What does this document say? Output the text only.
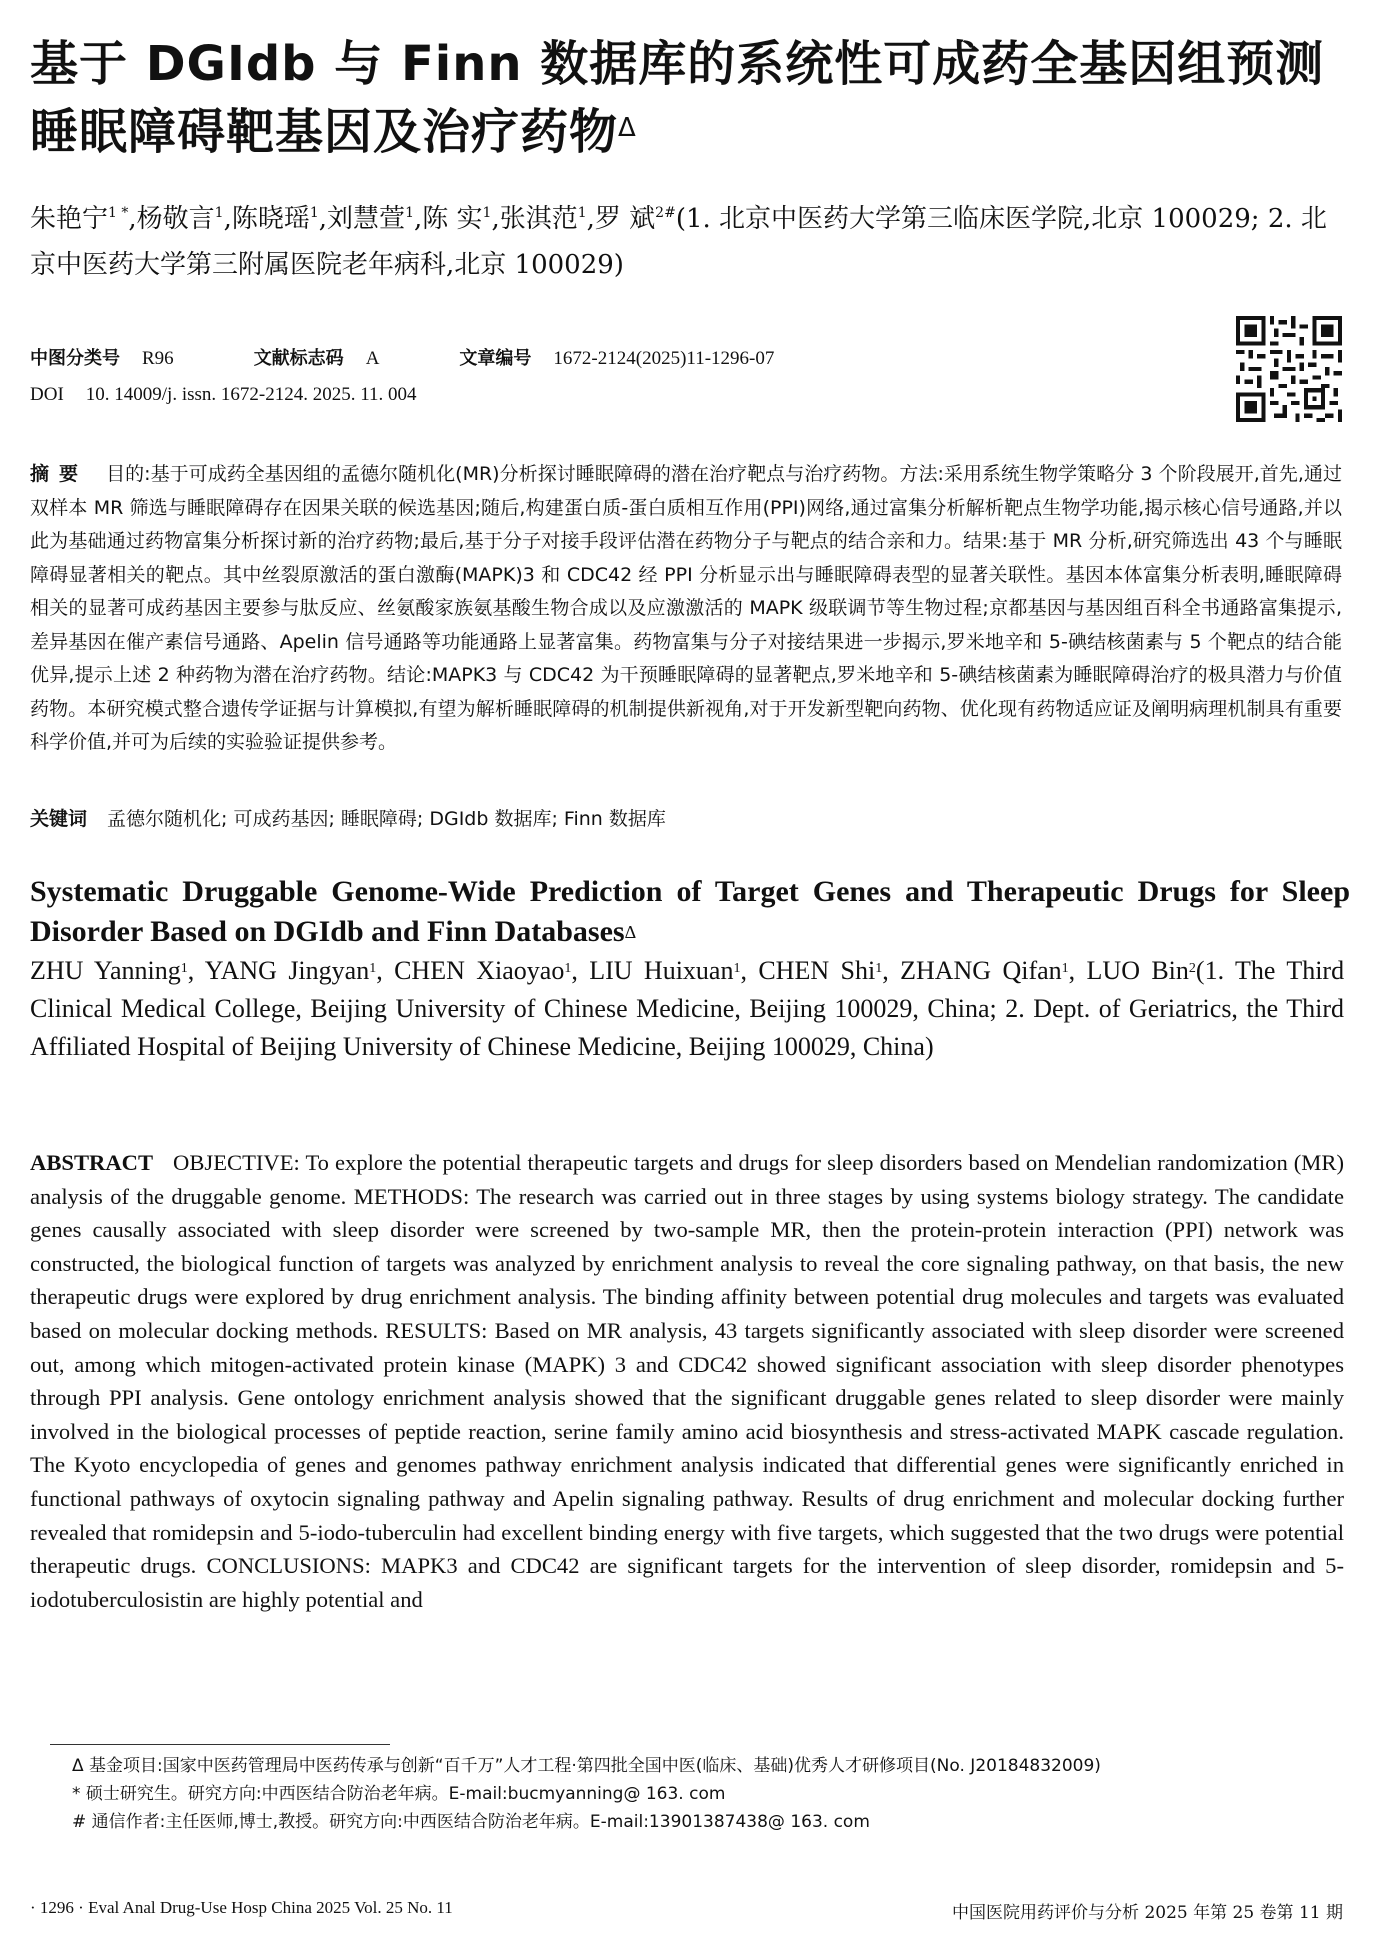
基于 DGIdb 与 Finn 数据库的系统性可成药全基因组预测睡眠障碍靶基因及治疗药物$^\Delta$
朱艳宁$^{1 *}$,杨敬言$^1$,陈晓瑶$^1$,刘慧萱$^1$,陈 实$^1$,张淇范$^1$,罗 斌$^{2\#}$(1. 北京中医药大学第三临床医学院,北京 100029; 2. 北京中医药大学第三附属医院老年病科,北京 100029)
中图分类号 R96	文献标志码 A	文章编号 1672-2124(2025)11-1296-07
DOI 10. 14009/j. issn. 1672-2124. 2025. 11. 004
摘要 目的:基于可成药全基因组的孟德尔随机化(MR)分析探讨睡眠障碍的潜在治疗靶点与治疗药物。方法:采用系统生物学策略分 3 个阶段展开,首先,通过双样本 MR 筛选与睡眠障碍存在因果关联的候选基因;随后,构建蛋白质-蛋白质相互作用(PPI)网络,通过富集分析解析靶点生物学功能,揭示核心信号通路,并以此为基础通过药物富集分析探讨新的治疗药物;最后,基于分子对接手段评估潜在药物分子与靶点的结合亲和力。结果:基于 MR 分析,研究筛选出 43 个与睡眠障碍显著相关的靶点。其中丝裂原激活的蛋白激酶(MAPK)3 和 CDC42 经 PPI 分析显示出与睡眠障碍表型的显著关联性。基因本体富集分析表明,睡眠障碍相关的显著可成药基因主要参与肽反应、丝氨酸家族氨基酸生物合成以及应激激活的 MAPK 级联调节等生物过程;京都基因与基因组百科全书通路富集提示,差异基因在催产素信号通路、Apelin 信号通路等功能通路上显著富集。药物富集与分子对接结果进一步揭示,罗米地辛和 5-碘结核菌素与 5 个靶点的结合能优异,提示上述 2 种药物为潜在治疗药物。结论:MAPK3 与 CDC42 为干预睡眠障碍的显著靶点,罗米地辛和 5-碘结核菌素为睡眠障碍治疗的极具潜力与价值药物。本研究模式整合遗传学证据与计算模拟,有望为解析睡眠障碍的机制提供新视角,对于开发新型靶向药物、优化现有药物适应证及阐明病理机制具有重要科学价值,并可为后续的实验验证提供参考。
关键词 孟德尔随机化; 可成药基因; 睡眠障碍; DGIdb 数据库; Finn 数据库
Systematic Druggable Genome-Wide Prediction of Target Genes and Therapeutic Drugs for Sleep Disorder Based on DGIdb and Finn Databases$^\Delta$
ZHU Yanning$^1$, YANG Jingyan$^1$, CHEN Xiaoyao$^1$, LIU Huixuan$^1$, CHEN Shi$^1$, ZHANG Qifan$^1$, LUO Bin$^2$(1. The Third Clinical Medical College, Beijing University of Chinese Medicine, Beijing 100029, China; 2. Dept. of Geriatrics, the Third Affiliated Hospital of Beijing University of Chinese Medicine, Beijing 100029, China)
ABSTRACT OBJECTIVE: To explore the potential therapeutic targets and drugs for sleep disorders based on Mendelian randomization (MR) analysis of the druggable genome. METHODS: The research was carried out in three stages by using systems biology strategy. The candidate genes causally associated with sleep disorder were screened by two-sample MR, then the protein-protein interaction (PPI) network was constructed, the biological function of targets was analyzed by enrichment analysis to reveal the core signaling pathway, on that basis, the new therapeutic drugs were explored by drug enrichment analysis. The binding affinity between potential drug molecules and targets was evaluated based on molecular docking methods. RESULTS: Based on MR analysis, 43 targets significantly associated with sleep disorder were screened out, among which mitogen-activated protein kinase (MAPK) 3 and CDC42 showed significant association with sleep disorder phenotypes through PPI analysis. Gene ontology enrichment analysis showed that the significant druggable genes related to sleep disorder were mainly involved in the biological processes of peptide reaction, serine family amino acid biosynthesis and stress-activated MAPK cascade regulation. The Kyoto encyclopedia of genes and genomes pathway enrichment analysis indicated that differential genes were significantly enriched in functional pathways of oxytocin signaling pathway and Apelin signaling pathway. Results of drug enrichment and molecular docking further revealed that romidepsin and 5-iodo-tuberculin had excellent binding energy with five targets, which suggested that the two drugs were potential therapeutic drugs. CONCLUSIONS: MAPK3 and CDC42 are significant targets for the intervention of sleep disorder, romidepsin and 5-iodotuberculosistin are highly potential and
Δ 基金项目:国家中医药管理局中医药传承与创新“百千万”人才工程·第四批全国中医(临床、基础)优秀人才研修项目(No. J20184832009)
* 硕士研究生。研究方向:中西医结合防治老年病。E-mail:bucmyanning@ 163. com
# 通信作者:主任医师,博士,教授。研究方向:中西医结合防治老年病。E-mail:13901387438@ 163. com
· 1296 · Eval Anal Drug-Use Hosp China 2025 Vol. 25 No. 11	中国医院用药评价与分析 2025 年第 25 卷第 11 期
